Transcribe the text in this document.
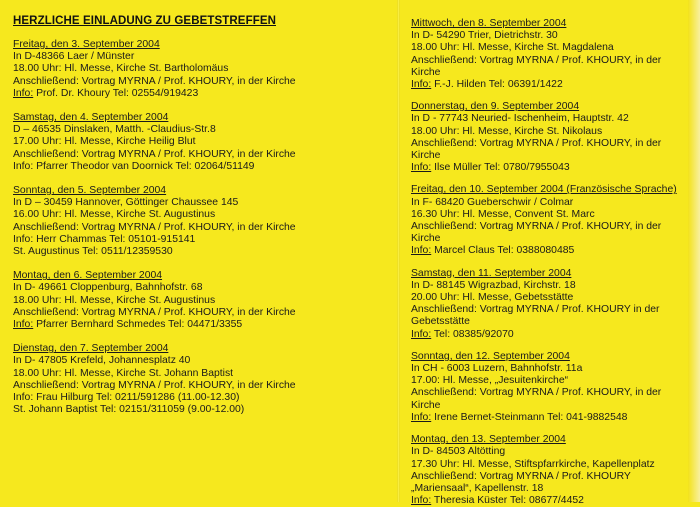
HERZLICHE EINLADUNG ZU GEBETSTREFFEN
Freitag, den 3. September 2004
In D-48366 Laer / Münster
18.00 Uhr: Hl. Messe, Kirche St. Bartholomäus
Anschließend: Vortrag MYRNA / Prof. KHOURY, in der Kirche
Info: Prof. Dr. Khoury Tel: 02554/919423
Samstag, den 4. September 2004
D – 46535 Dinslaken, Matth. -Claudius-Str.8
17.00 Uhr: Hl. Messe, Kirche Heilig Blut
Anschließend: Vortrag MYRNA / Prof. KHOURY, in der Kirche
Info: Pfarrer Theodor van Doornick Tel: 02064/51149
Sonntag, den 5. September 2004
In D – 30459 Hannover, Göttinger Chaussee 145
16.00 Uhr: Hl. Messe, Kirche St. Augustinus
Anschließend: Vortrag MYRNA / Prof. KHOURY, in der Kirche
Info: Herr Chammas Tel: 05101-915141
St. Augustinus Tel: 0511/12359530
Montag, den 6. September 2004
In D- 49661 Cloppenburg, Bahnhofstr. 68
18.00 Uhr: Hl. Messe, Kirche St. Augustinus
Anschließend: Vortrag MYRNA / Prof. KHOURY, in der Kirche
Info: Pfarrer Bernhard Schmedes Tel: 04471/3355
Dienstag, den 7. September 2004
In D- 47805 Krefeld, Johannesplatz 40
18.00 Uhr: Hl. Messe, Kirche St. Johann Baptist
Anschließend: Vortrag MYRNA / Prof. KHOURY, in der Kirche
Info: Frau Hilburg Tel: 0211/591286 (11.00-12.30)
St. Johann Baptist Tel: 02151/311059 (9.00-12.00)
Mittwoch, den 8. September 2004
In D- 54290 Trier, Dietrichstr. 30
18.00 Uhr: Hl. Messe, Kirche St. Magdalena
Anschließend: Vortrag MYRNA / Prof. KHOURY, in der Kirche
Info: F.-J. Hilden Tel: 06391/1422
Donnerstag, den 9. September 2004
In D - 77743 Neuried- Ischenheim, Hauptstr. 42
18.00 Uhr: Hl. Messe, Kirche St. Nikolaus
Anschließend: Vortrag MYRNA / Prof. KHOURY, in der Kirche
Info: Ilse Müller Tel: 0780/7955043
Freitag, den 10. September 2004 (Französische Sprache)
In F- 68420 Gueberschwir / Colmar
16.30 Uhr: Hl. Messe, Convent St. Marc
Anschließend: Vortrag MYRNA / Prof. KHOURY, in der Kirche
Info: Marcel Claus Tel: 0388080485
Samstag, den 11. September 2004
In D- 88145 Wigrazbad, Kirchstr. 18
20.00 Uhr: Hl. Messe, Gebetsstätte
Anschließend: Vortrag MYRNA / Prof. KHOURY in der Gebetsstätte
Info: Tel: 08385/92070
Sonntag, den 12. September 2004
In CH - 6003 Luzern, Bahnhofstr. 11a
17.00: Hl. Messe, „Jesuitenkirche“
Anschließend: Vortrag MYRNA / Prof. KHOURY, in der Kirche
Info: Irene Bernet-Steinmann Tel: 041-9882548
Montag, den 13. September 2004
In D- 84503 Altötting
17.30 Uhr: Hl. Messe, Stiftspfarrkirche, Kapellenplatz
Anschließend: Vortrag MYRNA / Prof. KHOURY „Mariensaal“, Kapellenstr. 18
Info: Theresia Küster Tel: 08677/4452
